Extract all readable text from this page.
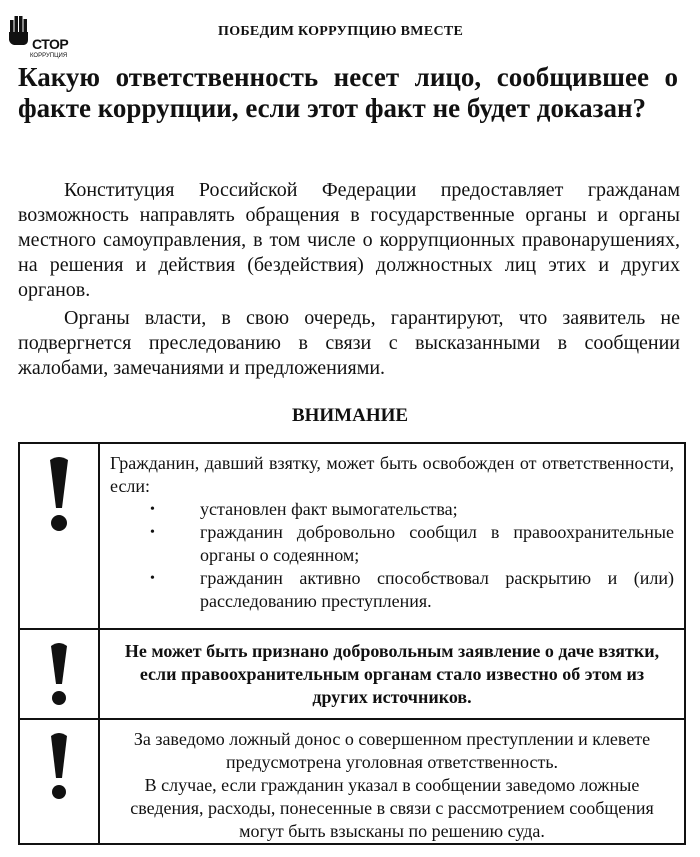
СТОР
КОРРУПЦИЯ
ПОБЕДИМ КОРРУПЦИЮ ВМЕСТЕ
Какую ответственность несет лицо, сообщившее о факте коррупции, если этот факт не будет доказан?

Конституция Российской Федерации предоставляет гражданам возможность направлять обращения в государственные органы и органы местного самоуправления, в том числе о коррупционных правонарушениях, на решения и действия (бездействия) должностных лиц этих и других органов.

Органы власти, в свою очередь, гарантируют, что заявитель не подвергнется преследованию в связи с высказанными в сообщении жалобами, замечаниями и предложениями.

ВНИМАНИЕ

Гражданин, давший взятку, может быть освобожден от ответственности, если:

• установлен факт вымогательства;
• гражданин добровольно сообщил в правоохранительные органы о содеянном;
• гражданин активно способствовал раскрытию и (или) расследованию преступления.

Не может быть признано добровольным заявление о даче взятки, если правоохранительным органам стало известно об этом из других источников.

За заведомо ложный донос о совершенном преступлении и клевете предусмотрена уголовная ответственность.

В случае, если гражданин указал в сообщении заведомо ложные сведения, расходы, понесенные в связи с рассмотрением сообщения могут быть взысканы по решению суда.
